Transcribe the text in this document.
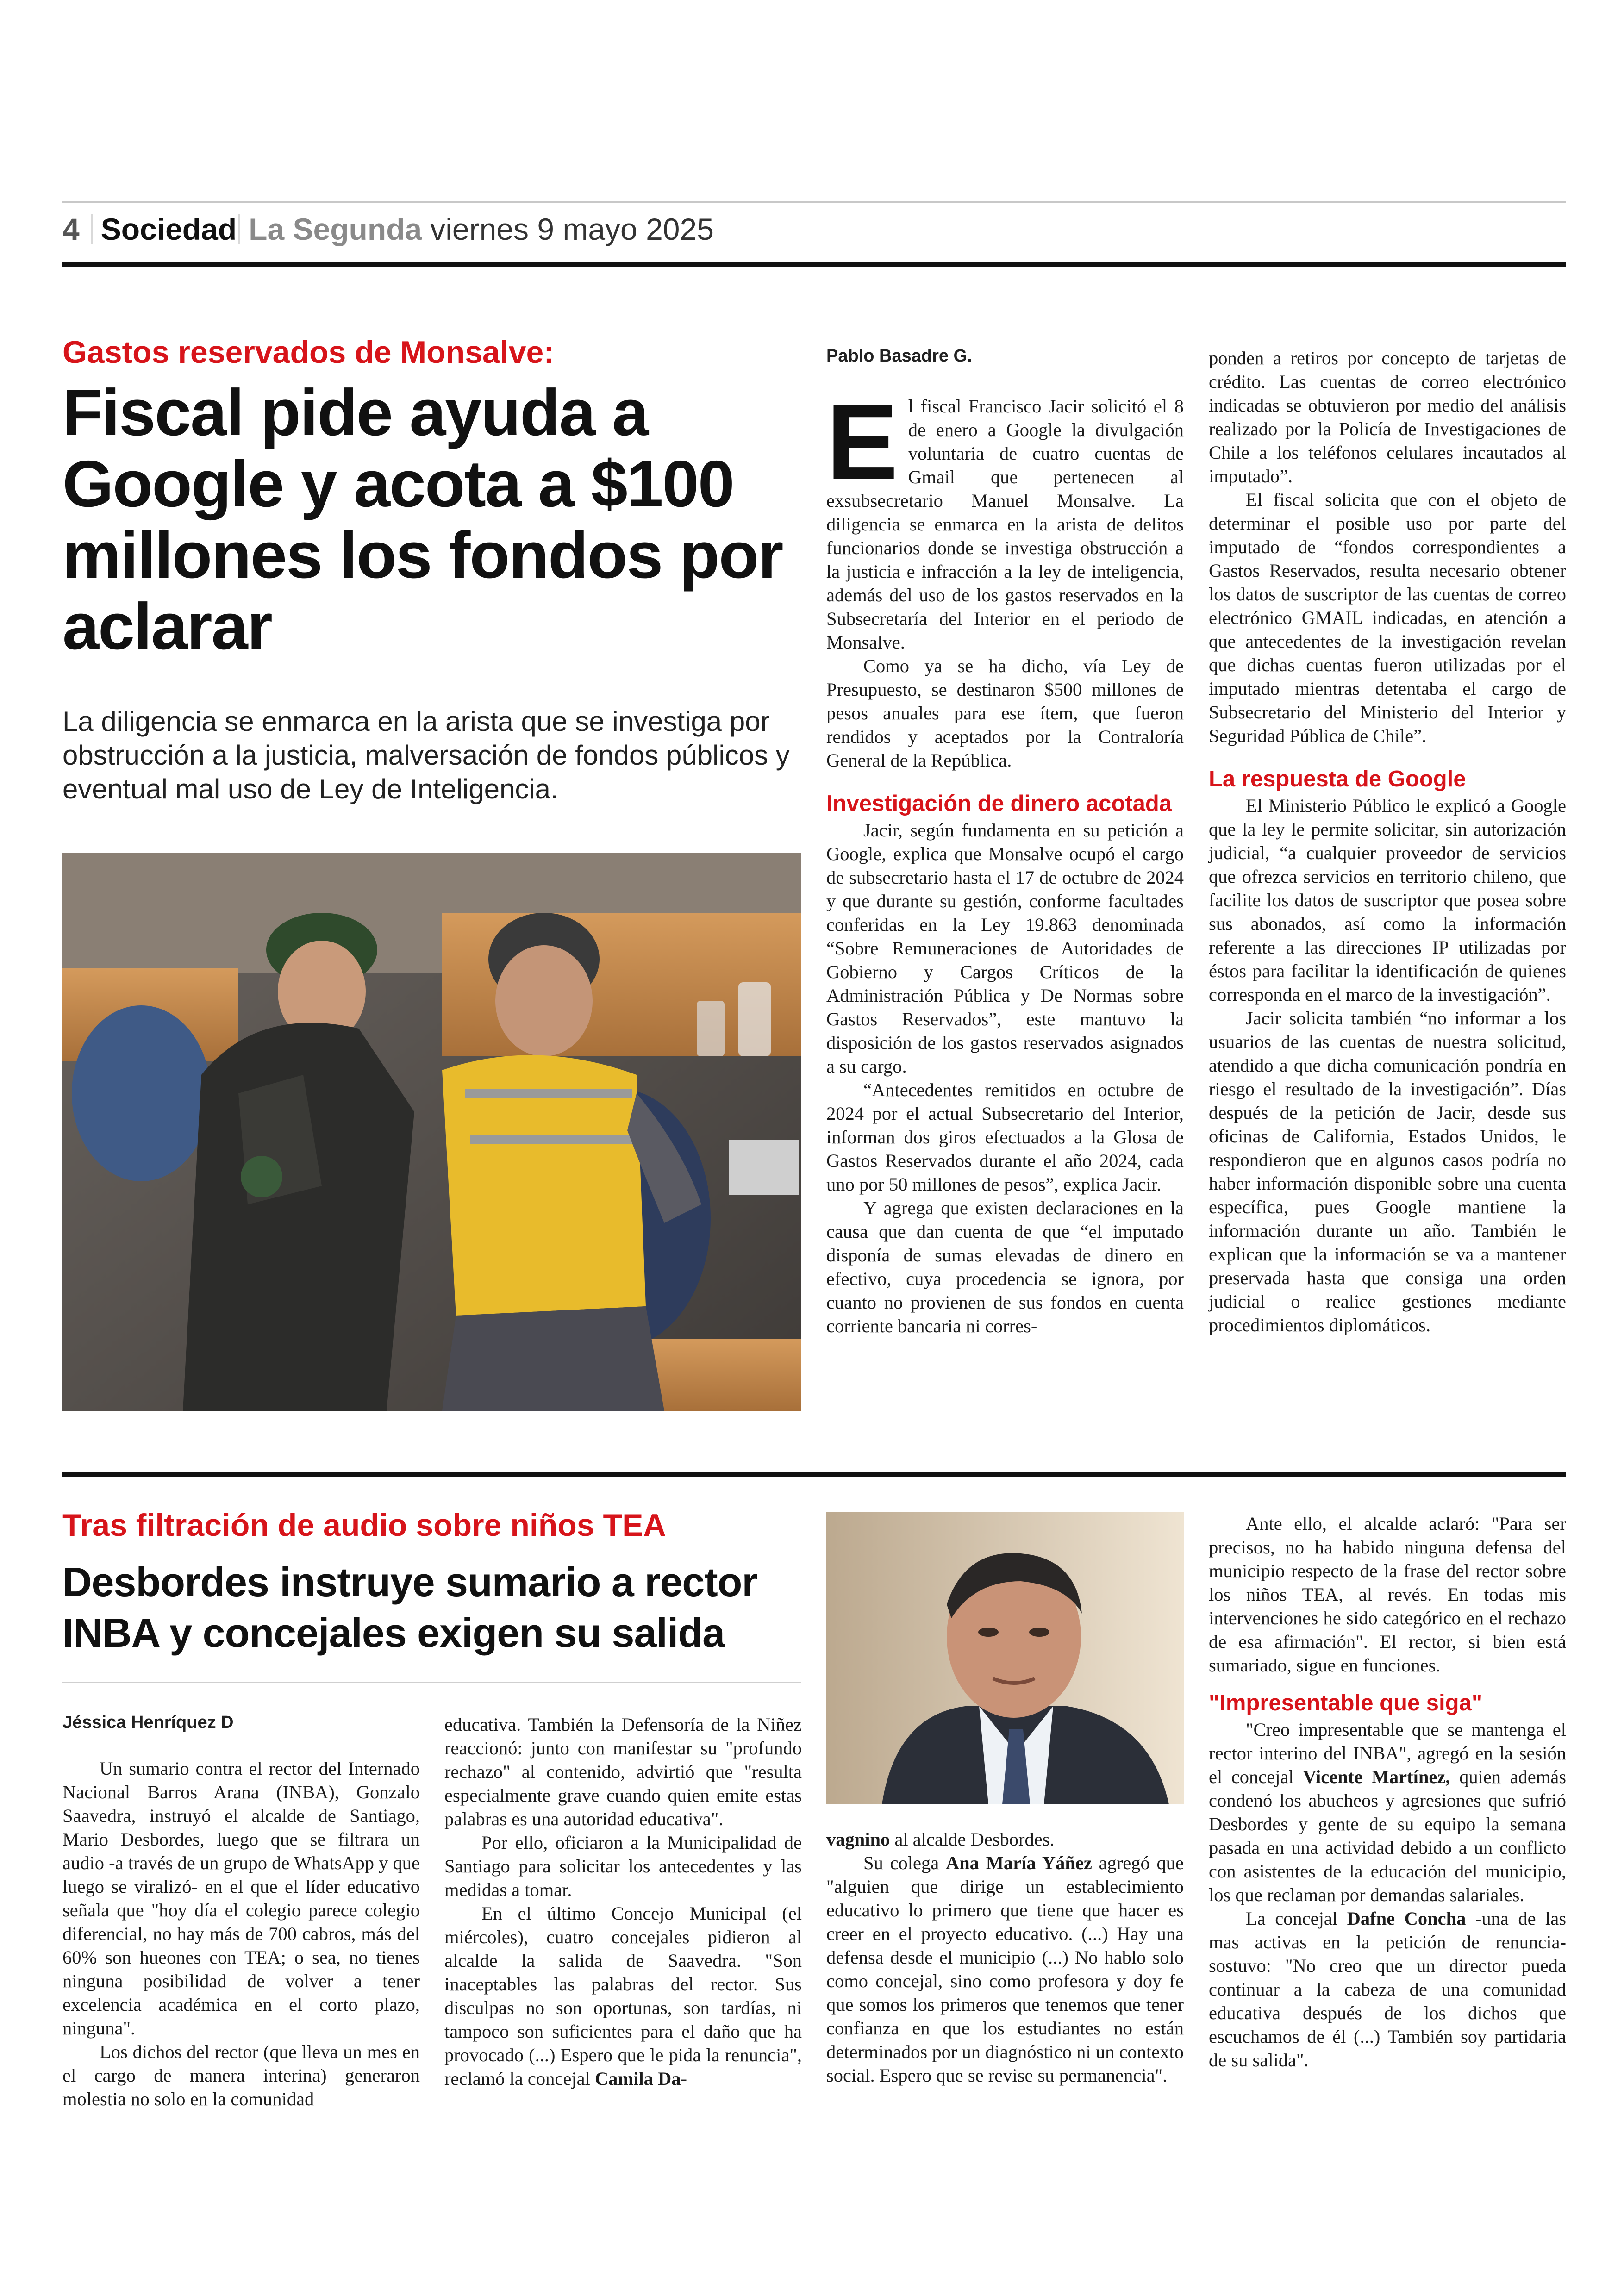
4 Sociedad La Segunda viernes 9 mayo 2025
Gastos reservados de Monsalve:
Fiscal pide ayuda a Google y acota a $100 millones los fondos por aclarar
La diligencia se enmarca en la arista que se investiga por obstrucción a la justicia, malversación de fondos públicos y eventual mal uso de Ley de Inteligencia.
Pablo Basadre G.

El fiscal Francisco Jacir solicitó el 8 de enero a Google la divulgación voluntaria de cuatro cuentas de Gmail que pertenecen al exsubsecretario Manuel Monsalve. La diligencia se enmarca en la arista de delitos funcionarios donde se investiga obstrucción a la justicia e infracción a la ley de inteligencia, además del uso de los gastos reservados en la Subsecretaría del Interior en el periodo de Monsalve.

Como ya se ha dicho, vía Ley de Presupuesto, se destinaron $500 millones de pesos anuales para ese ítem, que fueron rendidos y aceptados por la Contraloría General de la República.

Investigación de dinero acotada

Jacir, según fundamenta en su petición a Google, explica que Monsalve ocupó el cargo de subsecretario hasta el 17 de octubre de 2024 y que durante su gestión, conforme facultades conferidas en la Ley 19.863 denominada “Sobre Remuneraciones de Autoridades de Gobierno y Cargos Críticos de la Administración Pública y De Normas sobre Gastos Reservados”, este mantuvo la disposición de los gastos reservados asignados a su cargo.

“Antecedentes remitidos en octubre de 2024 por el actual Subsecretario del Interior, informan dos giros efectuados a la Glosa de Gastos Reservados durante el año 2024, cada uno por 50 millones de pesos”, explica Jacir.

Y agrega que existen declaraciones en la causa que dan cuenta de que “el imputado disponía de sumas elevadas de dinero en efectivo, cuya procedencia se ignora, por cuanto no provienen de sus fondos en cuenta corriente bancaria ni corres-

ponden a retiros por concepto de tarjetas de crédito. Las cuentas de correo electrónico indicadas se obtuvieron por medio del análisis realizado por la Policía de Investigaciones de Chile a los teléfonos celulares incautados al imputado”.

El fiscal solicita que con el objeto de determinar el posible uso por parte del imputado de “fondos correspondientes a Gastos Reservados, resulta necesario obtener los datos de suscriptor de las cuentas de correo electrónico GMAIL indicadas, en atención a que antecedentes de la investigación revelan que dichas cuentas fueron utilizadas por el imputado mientras detentaba el cargo de Subsecretario del Ministerio del Interior y Seguridad Pública de Chile”.

La respuesta de Google

El Ministerio Público le explicó a Google que la ley le permite solicitar, sin autorización judicial, “a cualquier proveedor de servicios que ofrezca servicios en territorio chileno, que facilite los datos de suscriptor que posea sobre sus abonados, así como la información referente a las direcciones IP utilizadas por éstos para facilitar la identificación de quienes corresponda en el marco de la investigación”.

Jacir solicita también “no informar a los usuarios de las cuentas de nuestra solicitud, atendido a que dicha comunicación pondría en riesgo el resultado de la investigación”. Días después de la petición de Jacir, desde sus oficinas de California, Estados Unidos, le respondieron que en algunos casos podría no haber información disponible sobre una cuenta específica, pues Google mantiene la información durante un año. También le explican que la información se va a mantener preservada hasta que consiga una orden judicial o realice gestiones mediante procedimientos diplomáticos.

Tras filtración de audio sobre niños TEA
Desbordes instruye sumario a rector INBA y concejales exigen su salida
Jéssica Henríquez D

Un sumario contra el rector del Internado Nacional Barros Arana (INBA), Gonzalo Saavedra, instruyó el alcalde de Santiago, Mario Desbordes, luego que se filtrara un audio -a través de un grupo de WhatsApp y que luego se viralizó- en el que el líder educativo señala que "hoy día el colegio parece colegio diferencial, no hay más de 700 cabros, más del 60% son hueones con TEA; o sea, no tienes ninguna posibilidad de volver a tener excelencia académica en el corto plazo, ninguna".

Los dichos del rector (que lleva un mes en el cargo de manera interina) generaron molestia no solo en la comunidad

educativa. También la Defensoría de la Niñez reaccionó: junto con manifestar su "profundo rechazo" al contenido, advirtió que "resulta especialmente grave cuando quien emite estas palabras es una autoridad educativa".

Por ello, oficiaron a la Municipalidad de Santiago para solicitar los antecedentes y las medidas a tomar.

En el último Concejo Municipal (el miércoles), cuatro concejales pidieron al alcalde la salida de Saavedra. "Son inaceptables las palabras del rector. Sus disculpas no son oportunas, son tardías, ni tampoco son suficientes para el daño que ha provocado (...) Espero que le pida la renuncia", reclamó la concejal Camila Da-

vagnino al alcalde Desbordes.

Su colega Ana María Yáñez agregó que "alguien que dirige un establecimiento educativo lo primero que tiene que hacer es creer en el proyecto educativo. (...) Hay una defensa desde el municipio (...) No hablo solo como concejal, sino como profesora y doy fe que somos los primeros que tenemos que tener confianza en que los estudiantes no están determinados por un diagnóstico ni un contexto social. Espero que se revise su permanencia".

Ante ello, el alcalde aclaró: "Para ser precisos, no ha habido ninguna defensa del municipio respecto de la frase del rector sobre los niños TEA, al revés. En todas mis intervenciones he sido categórico en el rechazo de esa afirmación". El rector, si bien está sumariado, sigue en funciones.

"Impresentable que siga"

"Creo impresentable que se mantenga el rector interino del INBA", agregó en la sesión el concejal Vicente Martínez, quien además condenó los abucheos y agresiones que sufrió Desbordes y gente de su equipo la semana pasada en una actividad debido a un conflicto con asistentes de la educación del municipio, los que reclaman por demandas salariales.

La concejal Dafne Concha -una de las mas activas en la petición de renuncia- sostuvo: "No creo que un director pueda continuar a la cabeza de una comunidad educativa después de los dichos que escuchamos de él (...) También soy partidaria de su salida".
